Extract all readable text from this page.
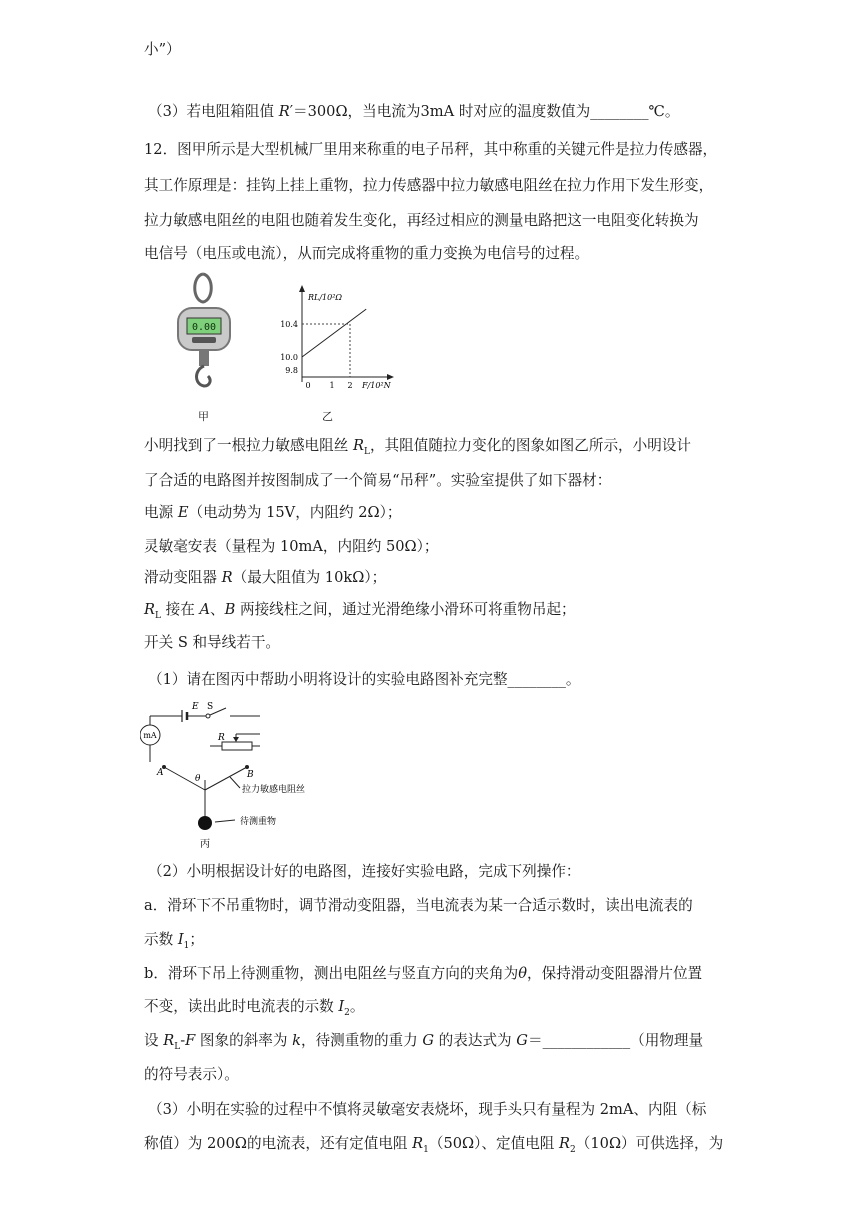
小”）
（3）若电阻箱阻值 R′＝300Ω，当电流为3mA 时对应的温度数值为________℃。
12．图甲所示是大型机械厂里用来称重的电子吊秤，其中称重的关键元件是拉力传感器，
其工作原理是：挂钩上挂上重物，拉力传感器中拉力敏感电阻丝在拉力作用下发生形变，
拉力敏感电阻丝的电阻也随着发生变化，再经过相应的测量电路把这一电阻变化转换为
电信号（电压或电流），从而完成将重物的重力变换为电信号的过程。
0.00
甲
RL/10²Ω
F/10²N
9.8
10.0
10.4
0 1 2
乙
小明找到了一根拉力敏感电阻丝 $R_L$，其阻值随拉力变化的图象如图乙所示，小明设计
了合适的电路图并按图制成了一个简易“吊秤”。实验室提供了如下器材：
电源 E（电动势为 15V，内阻约 2Ω）；
灵敏毫安表（量程为 10mA，内阻约 50Ω）；
滑动变阻器 R（最大阻值为 10kΩ）；
$R_L$ 接在 A、B 两接线柱之间，通过光滑绝缘小滑环可将重物吊起；
开关 S 和导线若干。
（1）请在图丙中帮助小明将设计的实验电路图补充完整________。
E S
mA	R
A	B
θ
拉力敏感电阻丝
待测重物
丙
（2）小明根据设计好的电路图，连接好实验电路，完成下列操作：
a．滑环下不吊重物时，调节滑动变阻器，当电流表为某一合适示数时，读出电流表的
示数 $I_1$；
b．滑环下吊上待测重物，测出电阻丝与竖直方向的夹角为θ，保持滑动变阻器滑片位置
不变，读出此时电流表的示数 $I_2$。
设 $R_L-F$ 图象的斜率为 k，待测重物的重力 G 的表达式为 G＝____________（用物理量
的符号表示）。
（3）小明在实验的过程中不慎将灵敏毫安表烧坏，现手头只有量程为 2mA、内阻（标
称值）为 200Ω的电流表，还有定值电阻 $R_1(50\Omega)$、定值电阻 $R_2(10\Omega)$可供选择，为
